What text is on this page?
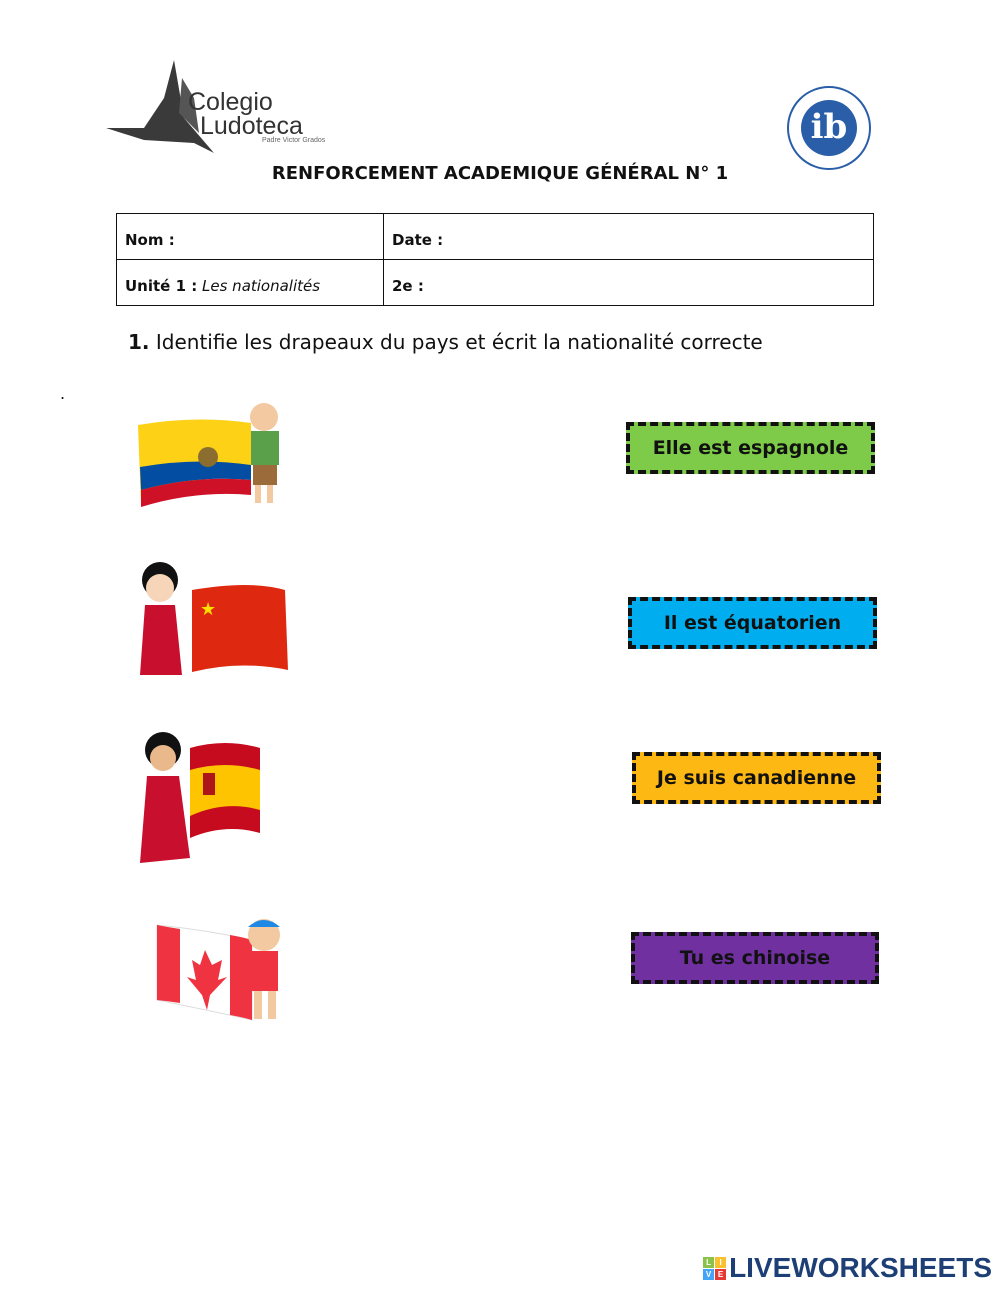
Colegio
Ludoteca
Padre Victor Grados	ib
RENFORCEMENT ACADEMIQUE GÉNÉRAL N° 1
Nom :	Date :
Unité 1 : Les nationalités	2e :
1. Identifie les drapeaux du pays et écrit la nationalité correcte
.
★
Elle est espagnole
Il est équatorien
Je suis canadienne
Tu es chinoise
L	I
V E LIVEWORKSHEETS
